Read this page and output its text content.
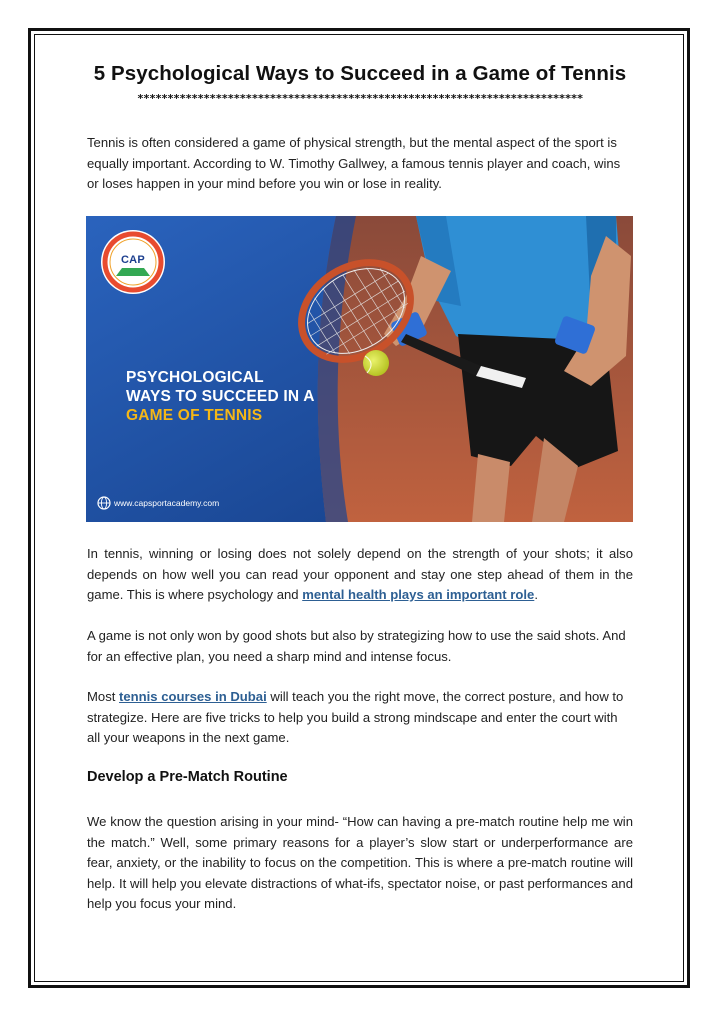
5 Psychological Ways to Succeed in a Game of Tennis
**************************************************************************

Tennis is often considered a game of physical strength, but the mental aspect of the sport is equally important. According to W. Timothy Gallwey, a famous tennis player and coach, wins or loses happen in your mind before you win or lose in reality.

CAP
PSYCHOLOGICAL
WAYS TO SUCCEED IN A
GAME OF TENNIS
www.capsportacademy.com

In tennis, winning or losing does not solely depend on the strength of your shots; it also depends on how well you can read your opponent and stay one step ahead of them in the game. This is where psychology and mental health plays an important role.

A game is not only won by good shots but also by strategizing how to use the said shots. And for an effective plan, you need a sharp mind and intense focus.

Most tennis courses in Dubai will teach you the right move, the correct posture, and how to strategize. Here are five tricks to help you build a strong mindscape and enter the court with all your weapons in the next game.

Develop a Pre-Match Routine

We know the question arising in your mind- “How can having a pre-match routine help me win the match.” Well, some primary reasons for a player’s slow start or underperformance are fear, anxiety, or the inability to focus on the competition. This is where a pre-match routine will help. It will help you elevate distractions of what-ifs, spectator noise, or past performances and help you focus your mind.
